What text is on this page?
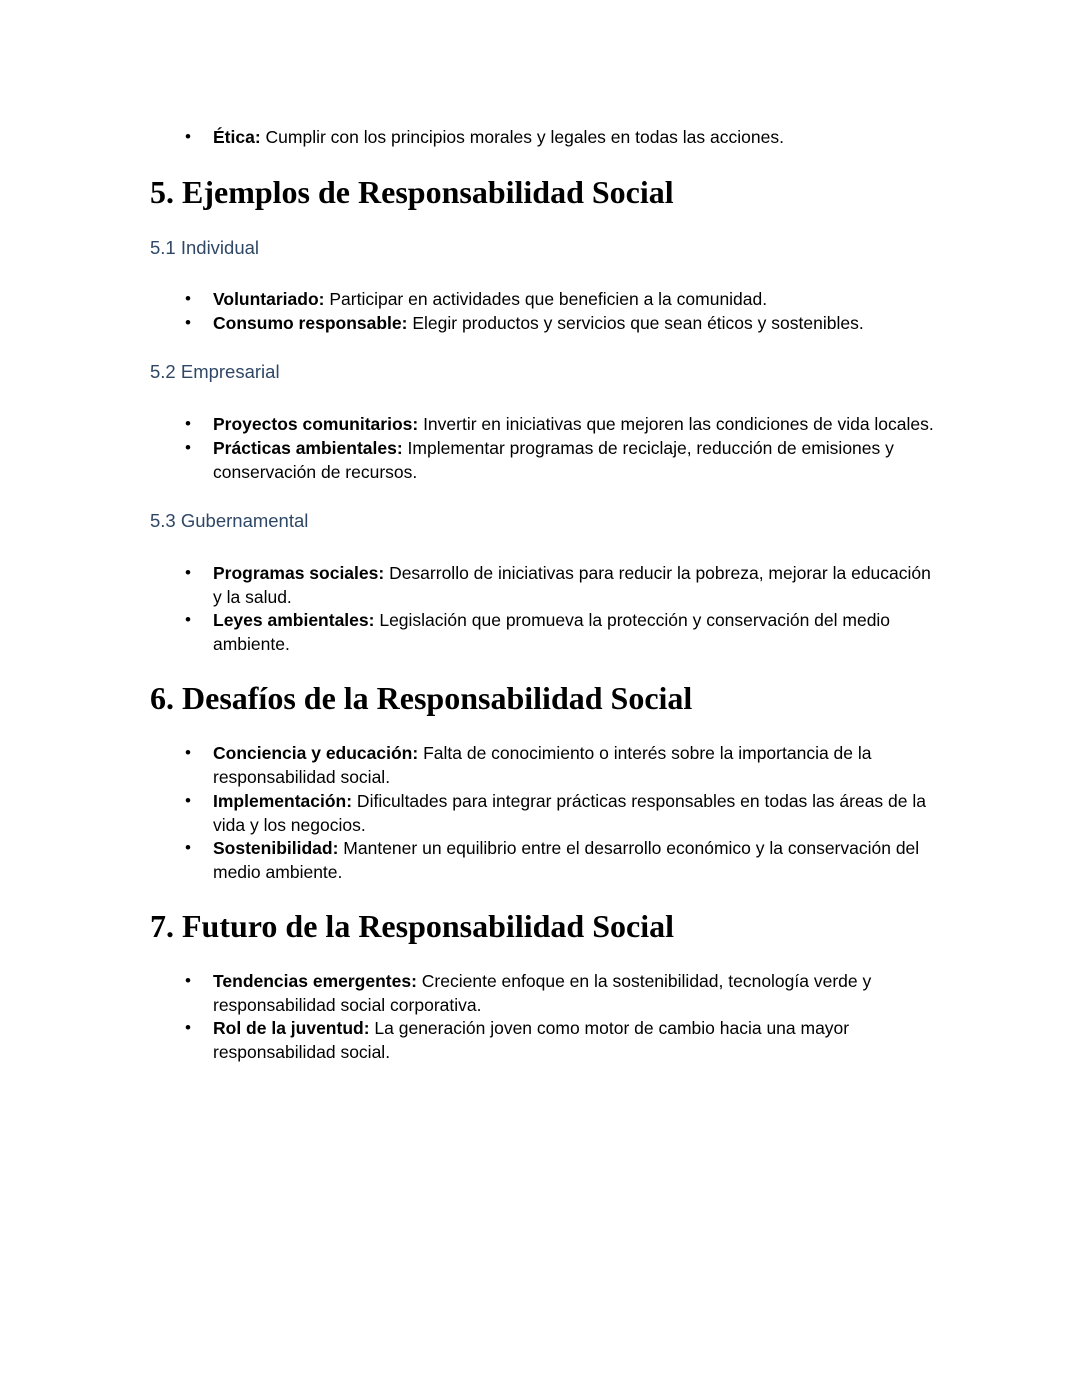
•
Ética: Cumplir con los principios morales y legales en todas las acciones.
5. Ejemplos de Responsabilidad Social
5.1 Individual
•
Voluntariado: Participar en actividades que beneficien a la comunidad.
•
Consumo responsable: Elegir productos y servicios que sean éticos y sostenibles.
5.2 Empresarial
•
Proyectos comunitarios: Invertir en iniciativas que mejoren las condiciones de vida locales.
•
Prácticas ambientales: Implementar programas de reciclaje, reducción de emisiones y conservación de recursos.
5.3 Gubernamental
•
Programas sociales: Desarrollo de iniciativas para reducir la pobreza, mejorar la educación y la salud.
•
Leyes ambientales: Legislación que promueva la protección y conservación del medio ambiente.
6. Desafíos de la Responsabilidad Social
•
Conciencia y educación: Falta de conocimiento o interés sobre la importancia de la responsabilidad social.
•
Implementación: Dificultades para integrar prácticas responsables en todas las áreas de la vida y los negocios.
•
Sostenibilidad: Mantener un equilibrio entre el desarrollo económico y la conservación del medio ambiente.
7. Futuro de la Responsabilidad Social
•
Tendencias emergentes: Creciente enfoque en la sostenibilidad, tecnología verde y responsabilidad social corporativa.
•
Rol de la juventud: La generación joven como motor de cambio hacia una mayor responsabilidad social.
